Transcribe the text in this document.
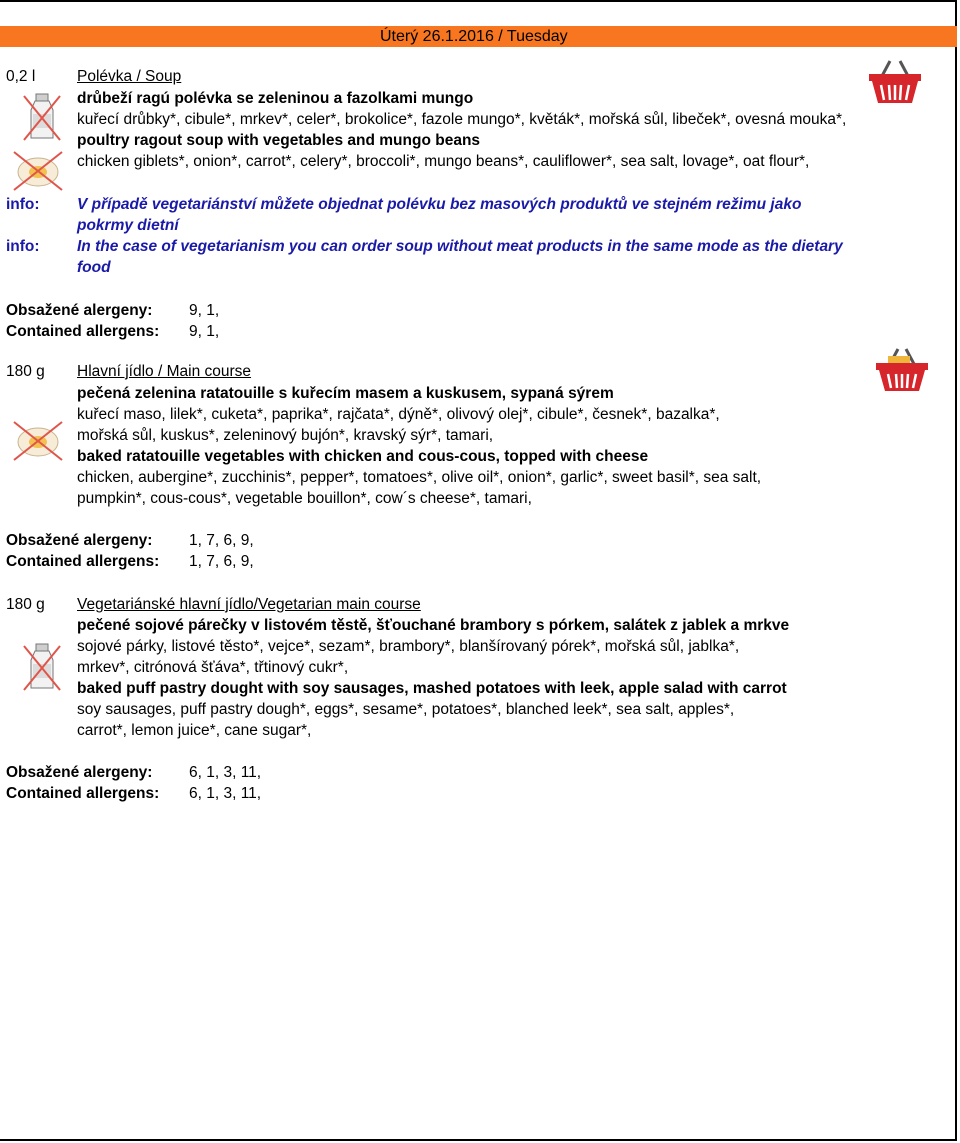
Úterý 26.1.2016 / Tuesday
0,2 l	Polévka / Soup
drůbeží ragú polévka se zeleninou a fazolkami mungo
kuřecí drůbky*, cibule*, mrkev*, celer*, brokolice*, fazole mungo*, květák*, mořská sůl, libeček*, ovesná mouka*,
poultry ragout soup with vegetables and mungo beans
chicken giblets*, onion*, carrot*, celery*, broccoli*, mungo beans*, cauliflower*, sea salt, lovage*, oat flour*,
info: V případě vegetariánství můžete objednat polévku bez masových produktů ve stejném režimu jako
pokrmy dietní
info: In the case of vegetarianism you can order soup without meat products in the same mode as the dietary
food
Obsažené alergeny: 9, 1,
Contained allergens: 9, 1,
180 g Hlavní jídlo / Main course
pečená zelenina ratatouille s kuřecím masem a kuskusem, sypaná sýrem
kuřecí maso, lilek*, cuketa*, paprika*, rajčata*, dýně*, olivový olej*, cibule*, česnek*, bazalka*,
mořská sůl, kuskus*, zeleninový bujón*, kravský sýr*, tamari,
baked ratatouille vegetables with chicken and cous-cous, topped with cheese
chicken, aubergine*, zucchinis*, pepper*, tomatoes*, olive oil*, onion*, garlic*, sweet basil*, sea salt,
pumpkin*, cous-cous*, vegetable bouillon*, cow´s cheese*, tamari,
Obsažené alergeny: 1, 7, 6, 9,
Contained allergens: 1, 7, 6, 9,
180 g Vegetariánské hlavní jídlo/Vegetarian main course
pečené sojové párečky v listovém těstě, šťouchané brambory s pórkem, salátek z jablek a mrkve
sojové párky, listové těsto*, vejce*, sezam*, brambory*, blanšírovaný pórek*, mořská sůl, jablka*,
mrkev*, citrónová šťáva*, třtinový cukr*,
baked puff pastry dought with soy sausages, mashed potatoes with leek, apple salad with carrot
soy sausages, puff pastry dough*, eggs*, sesame*, potatoes*, blanched leek*, sea salt, apples*,
carrot*, lemon juice*, cane sugar*,
Obsažené alergeny: 6, 1, 3, 11,
Contained allergens: 6, 1, 3, 11,
